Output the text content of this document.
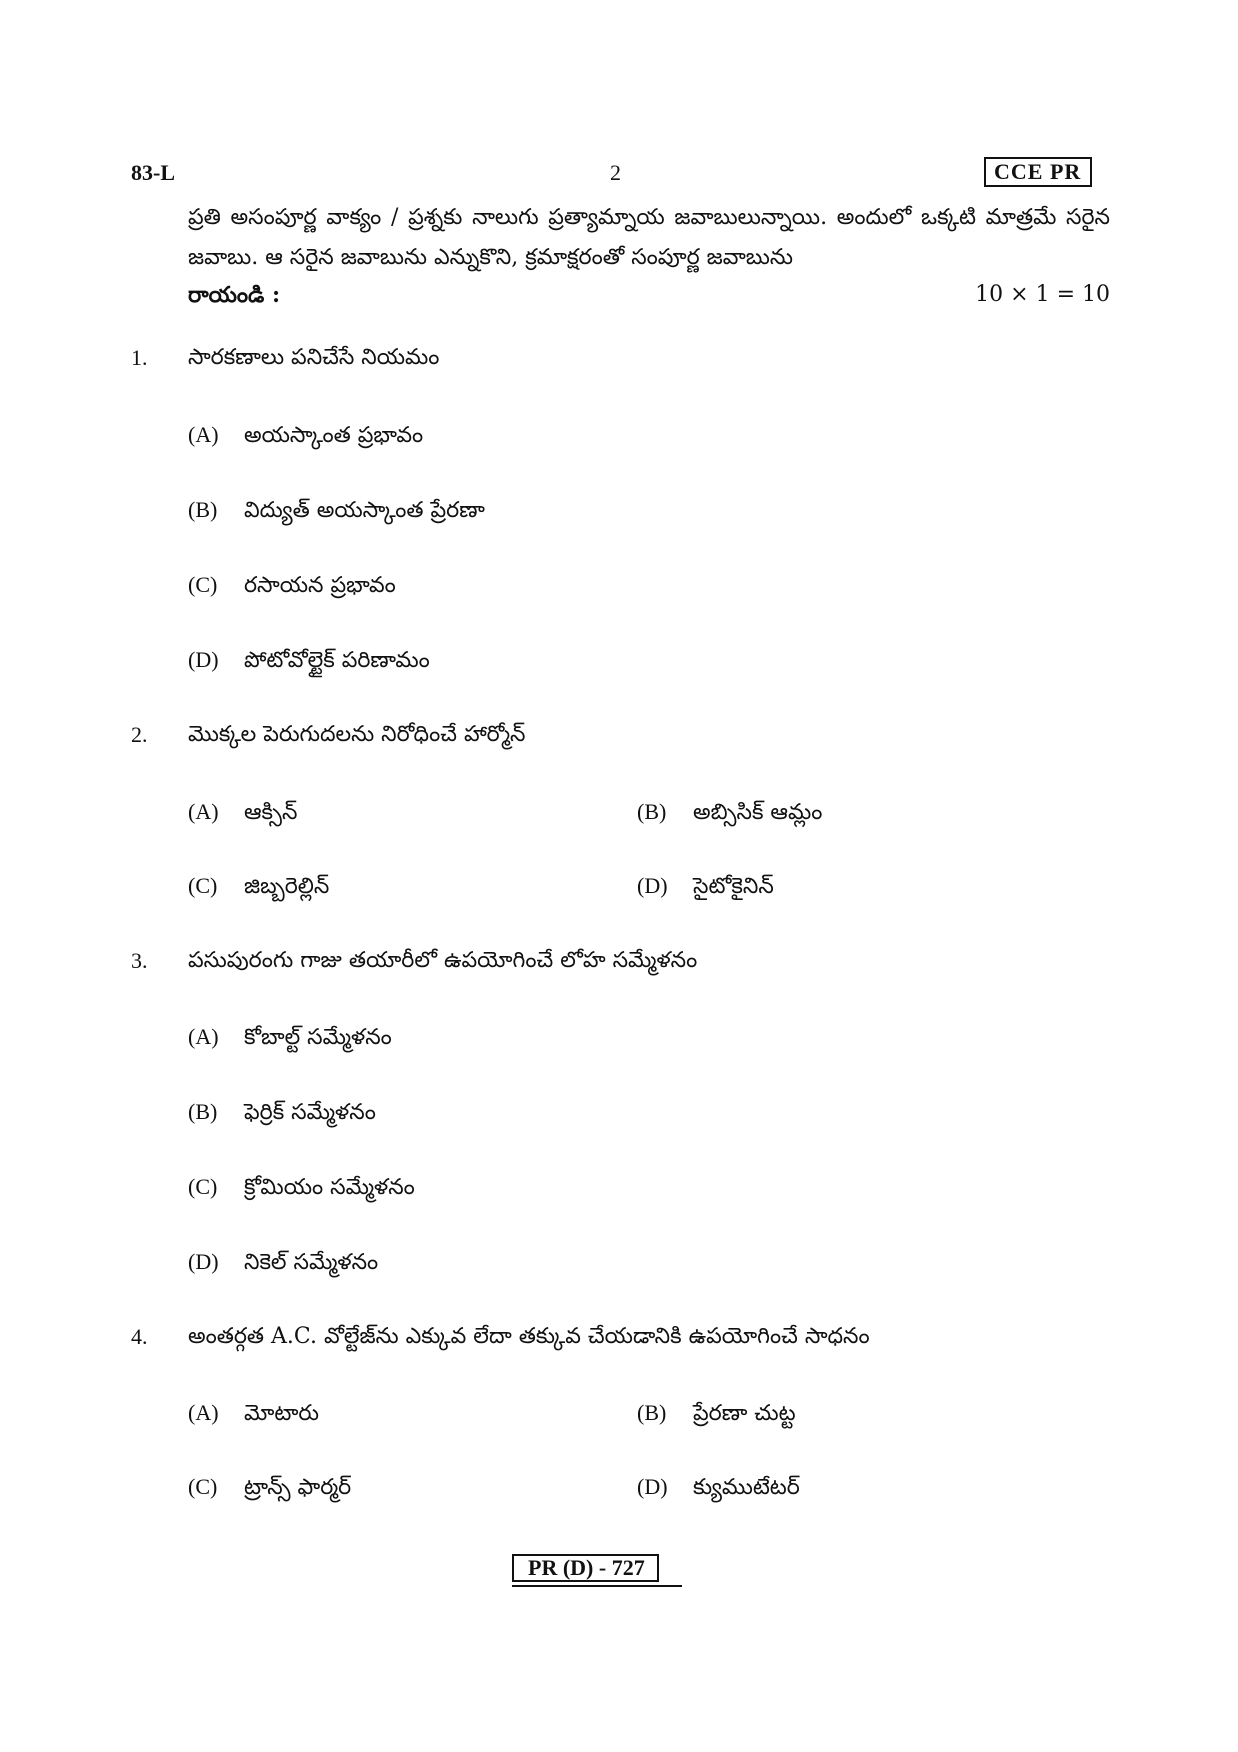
83-L	2	CCE PR
ప్రతి అసంపూర్ణ వాక్యం / ప్రశ్నకు నాలుగు ప్రత్యామ్నాయ జవాబులున్నాయి. అందులో ఒక్కటి మాత్రమే సరైన జవాబు. ఆ సరైన జవాబును ఎన్నుకొని, క్రమాక్షరంతో సంపూర్ణ జవాబును
రాయండి :	10 × 1 = 10
1. సారకణాలు పనిచేసే నియమం
(A) అయస్కాంత ప్రభావం
(B) విద్యుత్ అయస్కాంత ప్రేరణా
(C) రసాయన ప్రభావం
(D) పోటోవోల్టైక్ పరిణామం
2. మొక్కల పెరుగుదలను నిరోధించే హార్మోన్
(A) ఆక్సిన్	(B) అబ్సిసిక్ ఆమ్లం
(C) జిబ్బరెల్లిన్	(D) సైటోకైనిన్
3. పసుపురంగు గాజు తయారీలో ఉపయోగించే లోహ సమ్మేళనం
(A) కోబాల్ట్ సమ్మేళనం
(B) ఫెర్రిక్ సమ్మేళనం
(C) క్రోమియం సమ్మేళనం
(D) నికెల్ సమ్మేళనం
4. అంతర్గత A.C. వోల్టేజ్‌ను ఎక్కువ లేదా తక్కువ చేయడానికి ఉపయోగించే సాధనం
(A) మోటారు	(B) ప్రేరణా చుట్ట
(C) ట్రాన్స్ ఫార్మర్	(D) క్యుముటేటర్
PR (D) - 727
